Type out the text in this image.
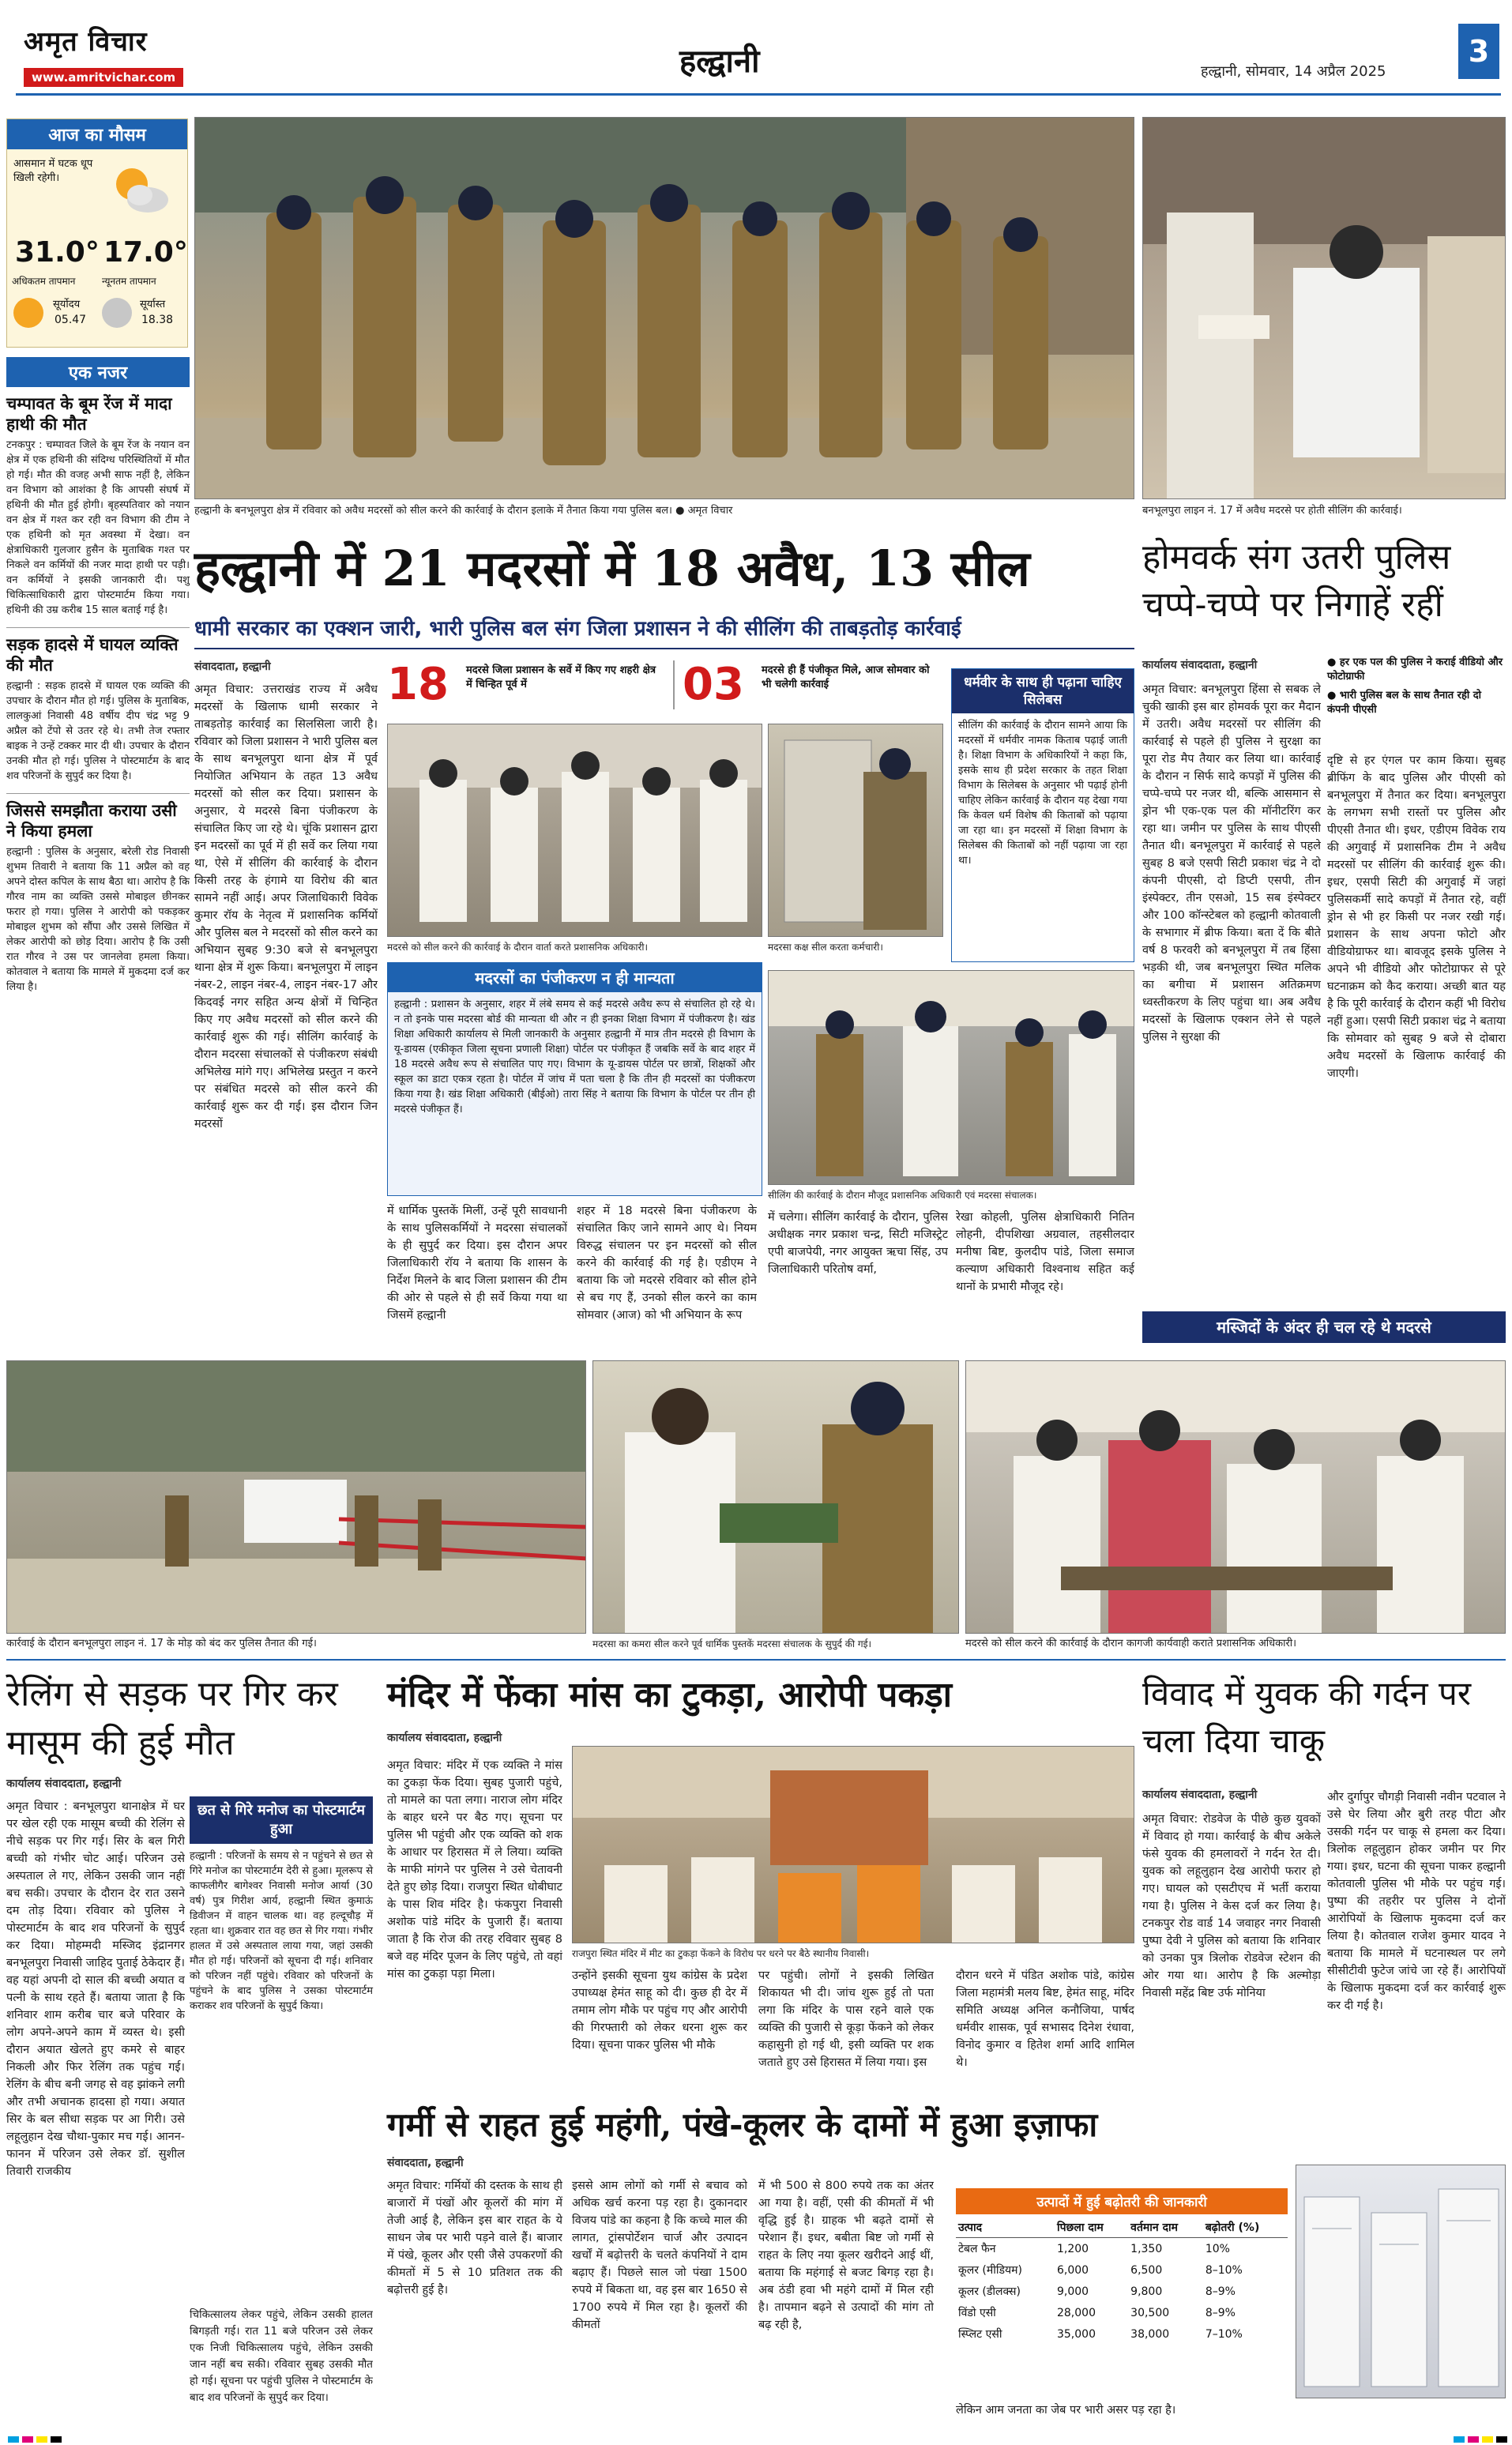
अमृत विचार
www.amritvichar.com	हल्द्वानी	हल्द्वानी, सोमवार, 14 अप्रैल 2025
3
आज का मौसम
आसमान में घटक धूप खिली रहेगी।
31.0° 17.0°
अधिकतम तापमान	न्यूनतम तापमान
सूर्योदय
05.47
सूर्यास्त
18.38
एक नजर
चम्पावत के बूम रेंज में मादा हाथी की मौत
टनकपुर : चम्पावत जिले के बूम रेंज के नयान वन क्षेत्र में एक हथिनी की संदिग्ध परिस्थितियों में मौत हो गई। मौत की वजह अभी साफ नहीं है, लेकिन वन विभाग को आशंका है कि आपसी संघर्ष में हथिनी की मौत हुई होगी। बृहस्पतिवार को नयान वन क्षेत्र में गश्त कर रही वन विभाग की टीम ने एक हथिनी को मृत अवस्था में देखा। वन क्षेत्राधिकारी गुलजार हुसैन के मुताबिक गश्त पर निकले वन कर्मियों की नजर मादा हाथी पर पड़ी। वन कर्मियों ने इसकी जानकारी दी। पशु चिकित्साधिकारी द्वारा पोस्टमार्टम किया गया। हथिनी की उम्र करीब 15 साल बताई गई है।
सड़क हादसे में घायल व्यक्ति की मौत
हल्द्वानी : सड़क हादसे में घायल एक व्यक्ति की उपचार के दौरान मौत हो गई। पुलिस के मुताबिक, लालकुआं निवासी 48 वर्षीय दीप चंद्र भट्ट 9 अप्रैल को टेंपो से उतर रहे थे। तभी तेज रफ्तार बाइक ने उन्हें टक्कर मार दी थी। उपचार के दौरान उनकी मौत हो गई। पुलिस ने पोस्टमार्टम के बाद शव परिजनों के सुपुर्द कर दिया है।
जिससे समझौता कराया उसी ने किया हमला
हल्द्वानी : पुलिस के अनुसार, बरेली रोड निवासी शुभम तिवारी ने बताया कि 11 अप्रैल को वह अपने दोस्त कपिल के साथ बैठा था। आरोप है कि गौरव नाम का व्यक्ति उससे मोबाइल छीनकर फरार हो गया। पुलिस ने आरोपी को पकड़कर मोबाइल शुभम को सौंपा और उससे लिखित में लेकर आरोपी को छोड़ दिया। आरोप है कि उसी रात गौरव ने उस पर जानलेवा हमला किया। कोतवाल ने बताया कि मामले में मुकदमा दर्ज कर लिया है।
हल्द्वानी के बनभूलपुरा क्षेत्र में रविवार को अवैध मदरसों को सील करने की कार्रवाई के दौरान इलाके में तैनात किया गया पुलिस बल। ● अमृत विचार	बनभूलपुरा लाइन नं. 17 में अवैध मदरसे पर होती सीलिंग की कार्रवाई।
हल्द्वानी में 21 मदरसों में 18 अवैध, 13 सील
धामी सरकार का एक्शन जारी, भारी पुलिस बल संग जिला प्रशासन ने की सीलिंग की ताबड़तोड़ कार्रवाई
होमवर्क संग उतरी पुलिस चप्पे-चप्पे पर निगाहें रहीं
संवाददाता, हल्द्वानी
अमृत विचार: उत्तराखंड राज्य में अवैध मदरसों के खिलाफ धामी सरकार ने ताबड़तोड़ कार्रवाई का सिलसिला जारी है। रविवार को जिला प्रशासन ने भारी पुलिस बल के साथ बनभूलपुरा थाना क्षेत्र में पूर्व नियोजित अभियान के तहत 13 अवैध मदरसों को सील कर दिया। प्रशासन के अनुसार, ये मदरसे बिना पंजीकरण के संचालित किए जा रहे थे। चूंकि प्रशासन द्वारा इन मदरसों का पूर्व में ही सर्वे कर लिया गया था, ऐसे में सीलिंग की कार्रवाई के दौरान किसी तरह के हंगामे या विरोध की बात सामने नहीं आई। अपर जिलाधिकारी विवेक कुमार रॉय के नेतृत्व में प्रशासनिक कर्मियों और पुलिस बल ने मदरसों को सील करने का अभियान सुबह 9:30 बजे से बनभूलपुरा थाना क्षेत्र में शुरू किया। बनभूलपुरा में लाइन नंबर-2, लाइन नंबर-4, लाइन नंबर-17 और किदवई नगर सहित अन्य क्षेत्रों में चिन्हित किए गए अवैध मदरसों को सील करने की कार्रवाई शुरू की गई। सीलिंग कार्रवाई के दौरान मदरसा संचालकों से पंजीकरण संबंधी अभिलेख मांगे गए। अभिलेख प्रस्तुत न करने पर संबंधित मदरसे को सील करने की कार्रवाई शुरू कर दी गई। इस दौरान जिन मदरसों
18 मदरसे जिला प्रशासन के सर्वे में किए गए शहरी क्षेत्र में चिन्हित पूर्व में	03 मदरसे ही हैं पंजीकृत मिले, आज सोमवार को भी चलेगी कार्रवाई
मदरसे को सील करने की कार्रवाई के दौरान वार्ता करते प्रशासनिक अधिकारी।	मदरसा कक्ष सील करता कर्मचारी।
धर्मवीर के साथ ही पढ़ाना चाहिए सिलेबस
सीलिंग की कार्रवाई के दौरान सामने आया कि मदरसों में धर्मवीर नामक किताब पढ़ाई जाती है। शिक्षा विभाग के अधिकारियों ने कहा कि, इसके साथ ही प्रदेश सरकार के तहत शिक्षा विभाग के सिलेबस के अनुसार भी पढ़ाई होनी चाहिए लेकिन कार्रवाई के दौरान यह देखा गया कि केवल धर्म विशेष की किताबों को पढ़ाया जा रहा था। इन मदरसों में शिक्षा विभाग के सिलेबस की किताबों को नहीं पढ़ाया जा रहा था।
मदरसों का पंजीकरण न ही मान्यता
हल्द्वानी : प्रशासन के अनुसार, शहर में लंबे समय से कई मदरसे अवैध रूप से संचालित हो रहे थे। न तो इनके पास मदरसा बोर्ड की मान्यता थी और न ही इनका शिक्षा विभाग में पंजीकरण है। खंड शिक्षा अधिकारी कार्यालय से मिली जानकारी के अनुसार हल्द्वानी में मात्र तीन मदरसे ही विभाग के यू-डायस (एकीकृत जिला सूचना प्रणाली शिक्षा) पोर्टल पर पंजीकृत हैं जबकि सर्वे के बाद शहर में 18 मदरसे अवैध रूप से संचालित पाए गए। विभाग के यू-डायस पोर्टल पर छात्रों, शिक्षकों और स्कूल का डाटा एकत्र रहता है। पोर्टल में जांच में पता चला है कि तीन ही मदरसों का पंजीकरण किया गया है। खंड शिक्षा अधिकारी (बीईओ) तारा सिंह ने बताया कि विभाग के पोर्टल पर तीन ही मदरसे पंजीकृत हैं।
सीलिंग की कार्रवाई के दौरान मौजूद प्रशासनिक अधिकारी एवं मदरसा संचालक।
में धार्मिक पुस्तकें मिलीं, उन्हें पूरी सावधानी के साथ पुलिसकर्मियों ने मदरसा संचालकों के ही सुपुर्द कर दिया। इस दौरान अपर जिलाधिकारी रॉय ने बताया कि शासन के निर्देश मिलने के बाद जिला प्रशासन की टीम की ओर से पहले से ही सर्वे किया गया था जिसमें हल्द्वानी
शहर में 18 मदरसे बिना पंजीकरण के संचालित किए जाने सामने आए थे। नियम विरुद्ध संचालन पर इन मदरसों को सील करने की कार्रवाई की गई है। एडीएम ने बताया कि जो मदरसे रविवार को सील होने से बच गए हैं, उनको सील करने का काम सोमवार (आज) को भी अभियान के रूप
में चलेगा। सीलिंग कार्रवाई के दौरान, पुलिस अधीक्षक नगर प्रकाश चन्द्र, सिटी मजिस्ट्रेट एपी बाजपेयी, नगर आयुक्त ऋचा सिंह, उप जिलाधिकारी परितोष वर्मा,
रेखा कोहली, पुलिस क्षेत्राधिकारी नितिन लोहनी, दीपशिखा अग्रवाल, तहसीलदार मनीषा बिष्ट, कुलदीप पांडे, जिला समाज कल्याण अधिकारी विश्वनाथ सहित कई थानों के प्रभारी मौजूद रहे।
कार्यालय संवाददाता, हल्द्वानी	● हर एक पल की पुलिस ने कराई वीडियो और फोटोग्राफी
● भारी पुलिस बल के साथ तैनात रही दो कंपनी पीएसी
अमृत विचार: बनभूलपुरा हिंसा से सबक ले चुकी खाकी इस बार होमवर्क पूरा कर मैदान में उतरी। अवैध मदरसों पर सीलिंग की कार्रवाई से पहले ही पुलिस ने सुरक्षा का पूरा रोड मैप तैयार कर लिया था। कार्रवाई के दौरान न सिर्फ सादे कपड़ों में पुलिस की चप्पे-चप्पे पर नजर थी, बल्कि आसमान से ड्रोन भी एक-एक पल की मॉनीटरिंग कर रहा था। जमीन पर पुलिस के साथ पीएसी तैनात थी। बनभूलपुरा में कार्रवाई से पहले सुबह 8 बजे एसपी सिटी प्रकाश चंद्र ने दो कंपनी पीएसी, दो डिप्टी एसपी, तीन इंस्पेक्टर, तीन एसओ, 15 सब इंस्पेक्टर और 100 कॉन्स्टेबल को हल्द्वानी कोतवाली के सभागार में ब्रीफ किया। बता दें कि बीते वर्ष 8 फरवरी को बनभूलपुरा में तब हिंसा भड़की थी, जब बनभूलपुरा स्थित मलिक का बगीचा में प्रशासन अतिक्रमण ध्वस्तीकरण के लिए पहुंचा था। अब अवैध मदरसों के खिलाफ एक्शन लेने से पहले पुलिस ने सुरक्षा की
दृष्टि से हर एंगल पर काम किया। सुबह ब्रीफिंग के बाद पुलिस और पीएसी को बनभूलपुरा में तैनात कर दिया। बनभूलपुरा के लगभग सभी रास्तों पर पुलिस और पीएसी तैनात थी। इधर, एडीएम विवेक राय की अगुवाई में प्रशासनिक टीम ने अवैध मदरसों पर सीलिंग की कार्रवाई शुरू की। इधर, एसपी सिटी की अगुवाई में जहां पुलिसकर्मी सादे कपड़ों में तैनात रहे, वहीं ड्रोन से भी हर किसी पर नजर रखी गई। प्रशासन के साथ अपना फोटो और वीडियोग्राफर था। बावजूद इसके पुलिस ने अपने भी वीडियो और फोटोग्राफर से पूरे घटनाक्रम को कैद कराया। अच्छी बात यह है कि पूरी कार्रवाई के दौरान कहीं भी विरोध नहीं हुआ। एसपी सिटी प्रकाश चंद्र ने बताया कि सोमवार को सुबह 9 बजे से दोबारा अवैध मदरसों के खिलाफ कार्रवाई की जाएगी।
मस्जिदों के अंदर ही चल रहे थे मदरसे
कार्रवाई के दौरान बनभूलपुरा लाइन नं. 17 के मोड़ को बंद कर पुलिस तैनात की गई।	मदरसा का कमरा सील करने पूर्व धार्मिक पुस्तकें मदरसा संचालक के सुपुर्द की गई।	मदरसे को सील करने की कार्रवाई के दौरान कागजी कार्यवाही कराते प्रशासनिक अधिकारी।
रेलिंग से सड़क पर गिर कर मासूम की हुई मौत
कार्यालय संवाददाता, हल्द्वानी
अमृत विचार : बनभूलपुरा थानाक्षेत्र में घर पर खेल रही एक मासूम बच्ची की रेलिंग से नीचे सड़क पर गिर गई। सिर के बल गिरी बच्ची को गंभीर चोट आई। परिजन उसे अस्पताल ले गए, लेकिन उसकी जान नहीं बच सकी। उपचार के दौरान देर रात उसने दम तोड़ दिया। रविवार को पुलिस ने पोस्टमार्टम के बाद शव परिजनों के सुपुर्द कर दिया। मोहम्मदी मस्जिद इंद्रानगर बनभूलपुरा निवासी जाहिद पुताई ठेकेदार हैं। वह यहां अपनी दो साल की बच्ची अयात व पत्नी के साथ रहते हैं। बताया जाता है कि शनिवार शाम करीब चार बजे परिवार के लोग अपने-अपने काम में व्यस्त थे। इसी दौरान अयात खेलते हुए कमरे से बाहर निकली और फिर रेलिंग तक पहुंच गई। रेलिंग के बीच बनी जगह से वह झांकने लगी और तभी अचानक हादसा हो गया। अयात सिर के बल सीधा सड़क पर आ गिरी। उसे लहूलुहान देख चौथा-पुकार मच गई। आनन-फानन में परिजन उसे लेकर डॉ. सुशील तिवारी राजकीय
छत से गिरे मनोज का पोस्टमार्टम हुआ
हल्द्वानी : परिजनों के समय से न पहुंचने से छत से गिरे मनोज का पोस्टमार्टम देरी से हुआ। मूलरूप से काफलीगैर बागेश्वर निवासी मनोज आर्या (30 वर्ष) पुत्र गिरीश आर्य, हल्द्वानी स्थित कुमाऊं डिवीजन में वाहन चालक था। वह हल्दूचौड़ में रहता था। शुक्रवार रात वह छत से गिर गया। गंभीर हालत में उसे अस्पताल लाया गया, जहां उसकी मौत हो गई। परिजनों को सूचना दी गई। शनिवार को परिजन नहीं पहुंचे। रविवार को परिजनों के पहुंचने के बाद पुलिस ने उसका पोस्टमार्टम कराकर शव परिजनों के सुपुर्द किया।
चिकित्सालय लेकर पहुंचे, लेकिन उसकी हालत बिगड़ती गई। रात 11 बजे परिजन उसे लेकर एक निजी चिकित्सालय पहुंचे, लेकिन उसकी जान नहीं बच सकी। रविवार सुबह उसकी मौत हो गई। सूचना पर पहुंची पुलिस ने पोस्टमार्टम के बाद शव परिजनों के सुपुर्द कर दिया।
मंदिर में फेंका मांस का टुकड़ा, आरोपी पकड़ा
कार्यालय संवाददाता, हल्द्वानी
अमृत विचार: मंदिर में एक व्यक्ति ने मांस का टुकड़ा फेंक दिया। सुबह पुजारी पहुंचे, तो मामले का पता लगा। नाराज लोग मंदिर के बाहर धरने पर बैठ गए। सूचना पर पुलिस भी पहुंची और एक व्यक्ति को शक के आधार पर हिरासत में ले लिया। व्यक्ति के माफी मांगने पर पुलिस ने उसे चेतावनी देते हुए छोड़ दिया। राजपुरा स्थित धोबीघाट के पास शिव मंदिर है। फंकपुरा निवासी अशोक पांडे मंदिर के पुजारी हैं। बताया जाता है कि रोज की तरह रविवार सुबह 8 बजे वह मंदिर पूजन के लिए पहुंचे, तो वहां मांस का टुकड़ा पड़ा मिला।
राजपुरा स्थित मंदिर में मीट का टुकड़ा फेंकने के विरोध पर धरने पर बैठे स्थानीय निवासी।
उन्होंने इसकी सूचना युथ कांग्रेस के प्रदेश उपाध्यक्ष हेमंत साहू को दी। कुछ ही देर में तमाम लोग मौके पर पहुंच गए और आरोपी की गिरफ्तारी को लेकर धरना शुरू कर दिया। सूचना पाकर पुलिस भी मौके
पर पहुंची। लोगों ने इसकी लिखित शिकायत भी दी। जांच शुरू हुई तो पता लगा कि मंदिर के पास रहने वाले एक व्यक्ति की पुजारी से कूड़ा फेंकने को लेकर कहासुनी हो गई थी, इसी व्यक्ति पर शक जताते हुए उसे हिरासत में लिया गया। इस
दौरान धरने में पंडित अशोक पांडे, कांग्रेस जिला महामंत्री मलय बिष्ट, हेमंत साहू, मंदिर समिति अध्यक्ष अनिल कनौजिया, पार्षद धर्मवीर शासक, पूर्व सभासद दिनेश रंधावा, विनोद कुमार व हितेश शर्मा आदि शामिल थे।
विवाद में युवक की गर्दन पर चला दिया चाकू
कार्यालय संवाददाता, हल्द्वानी
अमृत विचार: रोडवेज के पीछे कुछ युवकों में विवाद हो गया। कार्रवाई के बीच अकेले फंसे युवक की हमलावरों ने गर्दन रेत दी। युवक को लहूलुहान देख आरोपी फरार हो गए। घायल को एसटीएच में भर्ती कराया गया है। पुलिस ने केस दर्ज कर लिया है। टनकपुर रोड वार्ड 14 जवाहर नगर निवासी पुष्पा देवी ने पुलिस को बताया कि शनिवार को उनका पुत्र त्रिलोक रोडवेज स्टेशन की ओर गया था। आरोप है कि अल्मोड़ा निवासी महेंद्र बिष्ट उर्फ मोनिया
और दुर्गापुर चौगड़ी निवासी नवीन पटवाल ने उसे घेर लिया और बुरी तरह पीटा और उसकी गर्दन पर चाकू से हमला कर दिया। त्रिलोक लहूलुहान होकर जमीन पर गिर गया। इधर, घटना की सूचना पाकर हल्द्वानी कोतवाली पुलिस भी मौके पर पहुंच गई। पुष्पा की तहरीर पर पुलिस ने दोनों आरोपियों के खिलाफ मुकदमा दर्ज कर लिया है। कोतवाल राजेश कुमार यादव ने बताया कि मामले में घटनास्थल पर लगे सीसीटीवी फुटेज जांचे जा रहे हैं। आरोपियों के खिलाफ मुकदमा दर्ज कर कार्रवाई शुरू कर दी गई है।
गर्मी से राहत हुई महंगी, पंखे-कूलर के दामों में हुआ इज़ाफा
संवाददाता, हल्द्वानी
अमृत विचार: गर्मियों की दस्तक के साथ ही बाजारों में पंखों और कूलरों की मांग में तेजी आई है, लेकिन इस बार राहत के ये साधन जेब पर भारी पड़ने वाले हैं। बाजार में पंखे, कूलर और एसी जैसे उपकरणों की कीमतों में 5 से 10 प्रतिशत तक की बढ़ोत्तरी हुई है।
इससे आम लोगों को गर्मी से बचाव को अधिक खर्च करना पड़ रहा है। दुकानदार विजय पांडे का कहना है कि कच्चे माल की लागत, ट्रांसपोर्टेशन चार्ज और उत्पादन खर्चों में बढ़ोत्तरी के चलते कंपनियों ने दाम बढ़ाए हैं। पिछले साल जो पंखा 1500 रुपये में बिकता था, वह इस बार 1650 से 1700 रुपये में मिल रहा है। कूलरों की कीमतों
में भी 500 से 800 रुपये तक का अंतर आ गया है। वहीं, एसी की कीमतों में भी वृद्धि हुई है। ग्राहक भी बढ़ते दामों से परेशान हैं। इधर, बबीता बिष्ट जो गर्मी से राहत के लिए नया कूलर खरीदने आई थीं, बताया कि महंगाई से बजट बिगड़ रहा है। अब ठंडी हवा भी महंगे दामों में मिल रही है। तापमान बढ़ने से उत्पादों की मांग तो बढ़ रही है,
उत्पादों में हुई बढ़ोतरी की जानकारी
उत्पाद	पिछला दाम	वर्तमान दाम	बढ़ोतरी (%)
टेबल फैन	1,200	1,350	10%
कूलर (मीडियम)	6,000	6,500	8–10%
कूलर (डीलक्स)	9,000	9,800	8–9%
विंडो एसी	28,000	30,500	8–9%
स्प्लिट एसी	35,000	38,000	7–10%
लेकिन आम जनता का जेब पर भारी असर पड़ रहा है।
